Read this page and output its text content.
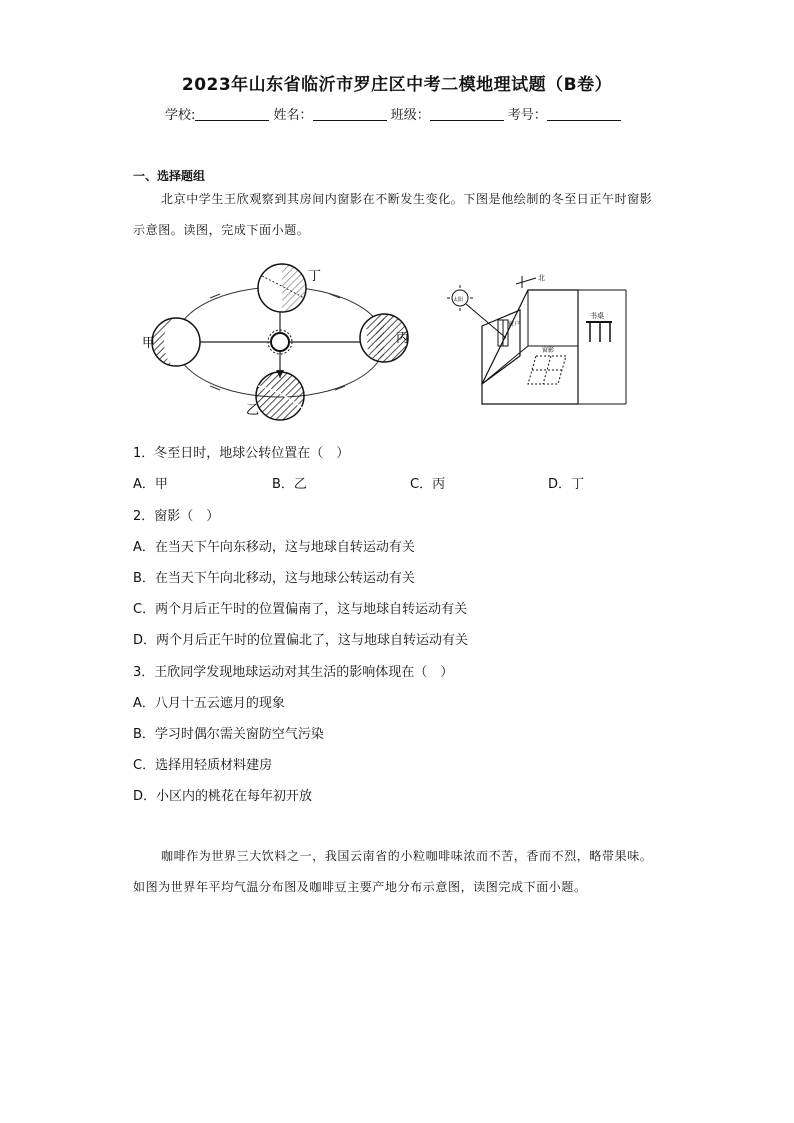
2023年山东省临沂市罗庄区中考二模地理试题（B卷）
学校:	姓名：	班级：	考号：
一、选择题组
北京中学生王欣观察到其房间内窗影在不断发生变化。下图是他绘制的冬至日正午时窗影示意图。读图，完成下面小题。
甲
乙
丙
丁
太阳
北
窗户
书桌
窗影
1．冬至日时，地球公转位置在（　）
A．甲	B．乙	C．丙	D．丁
2．窗影（　）
A．在当天下午向东移动，这与地球自转运动有关
B．在当天下午向北移动，这与地球公转运动有关
C．两个月后正午时的位置偏南了，这与地球自转运动有关
D．两个月后正午时的位置偏北了，这与地球自转运动有关
3．王欣同学发现地球运动对其生活的影响体现在（　）
A．八月十五云遮月的现象
B．学习时偶尔需关窗防空气污染
C．选择用轻质材料建房
D．小区内的桃花在每年初开放
咖啡作为世界三大饮料之一，我国云南省的小粒咖啡味浓而不苦，香而不烈，略带果味。如图为世界年平均气温分布图及咖啡豆主要产地分布示意图，读图完成下面小题。
